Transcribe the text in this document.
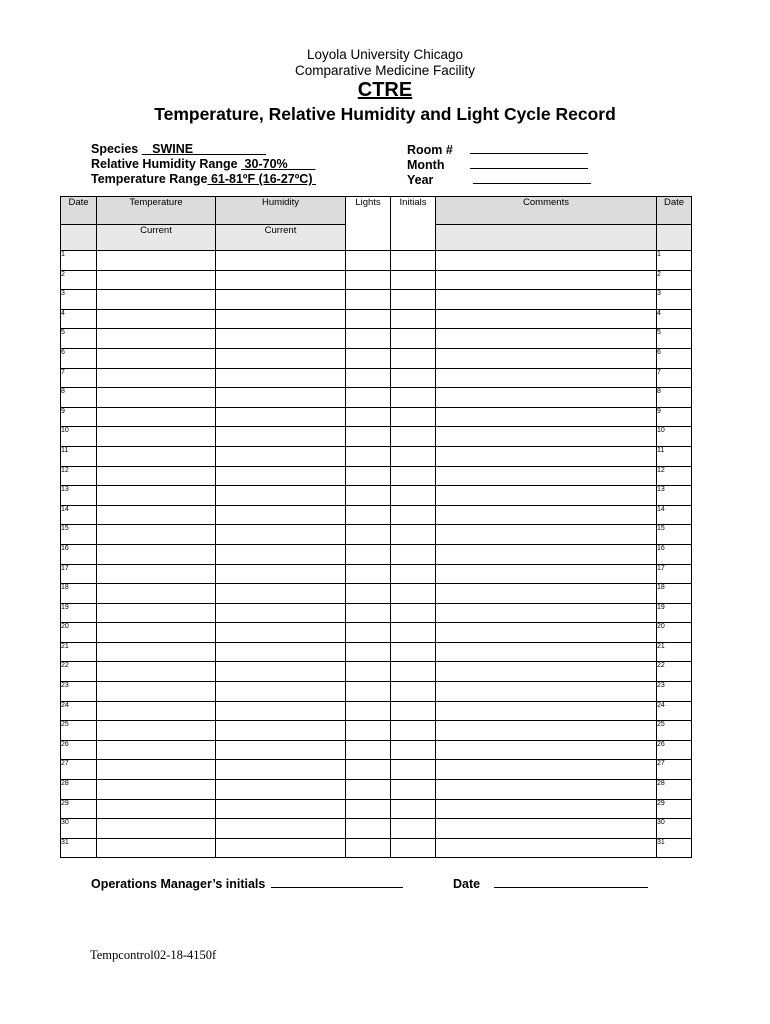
Loyola University Chicago
Comparative Medicine Facility
CTRE
Temperature, Relative Humidity and Light Cycle Record
Species SWINE
Relative Humidity Range 30-70%
Temperature Range 61-81ºF (16-27ºC)
Room #
Month
Year
Date	Temperature	Humidity	Lights	Initials	Comments	Date
	Current	Current				
1						1
2						2
3						3
4						4
5						5
6						6
7						7
8						8
9						9
10						10
11						11
12						12
13						13
14						14
15						15
16						16
17						17
18						18
19						19
20						20
21						21
22						22
23						23
24						24
25						25
26						26
27						27
28						28
29						29
30						30
31						31
Operations Manager’s initials	Date
Tempcontrol02-18-4150f
